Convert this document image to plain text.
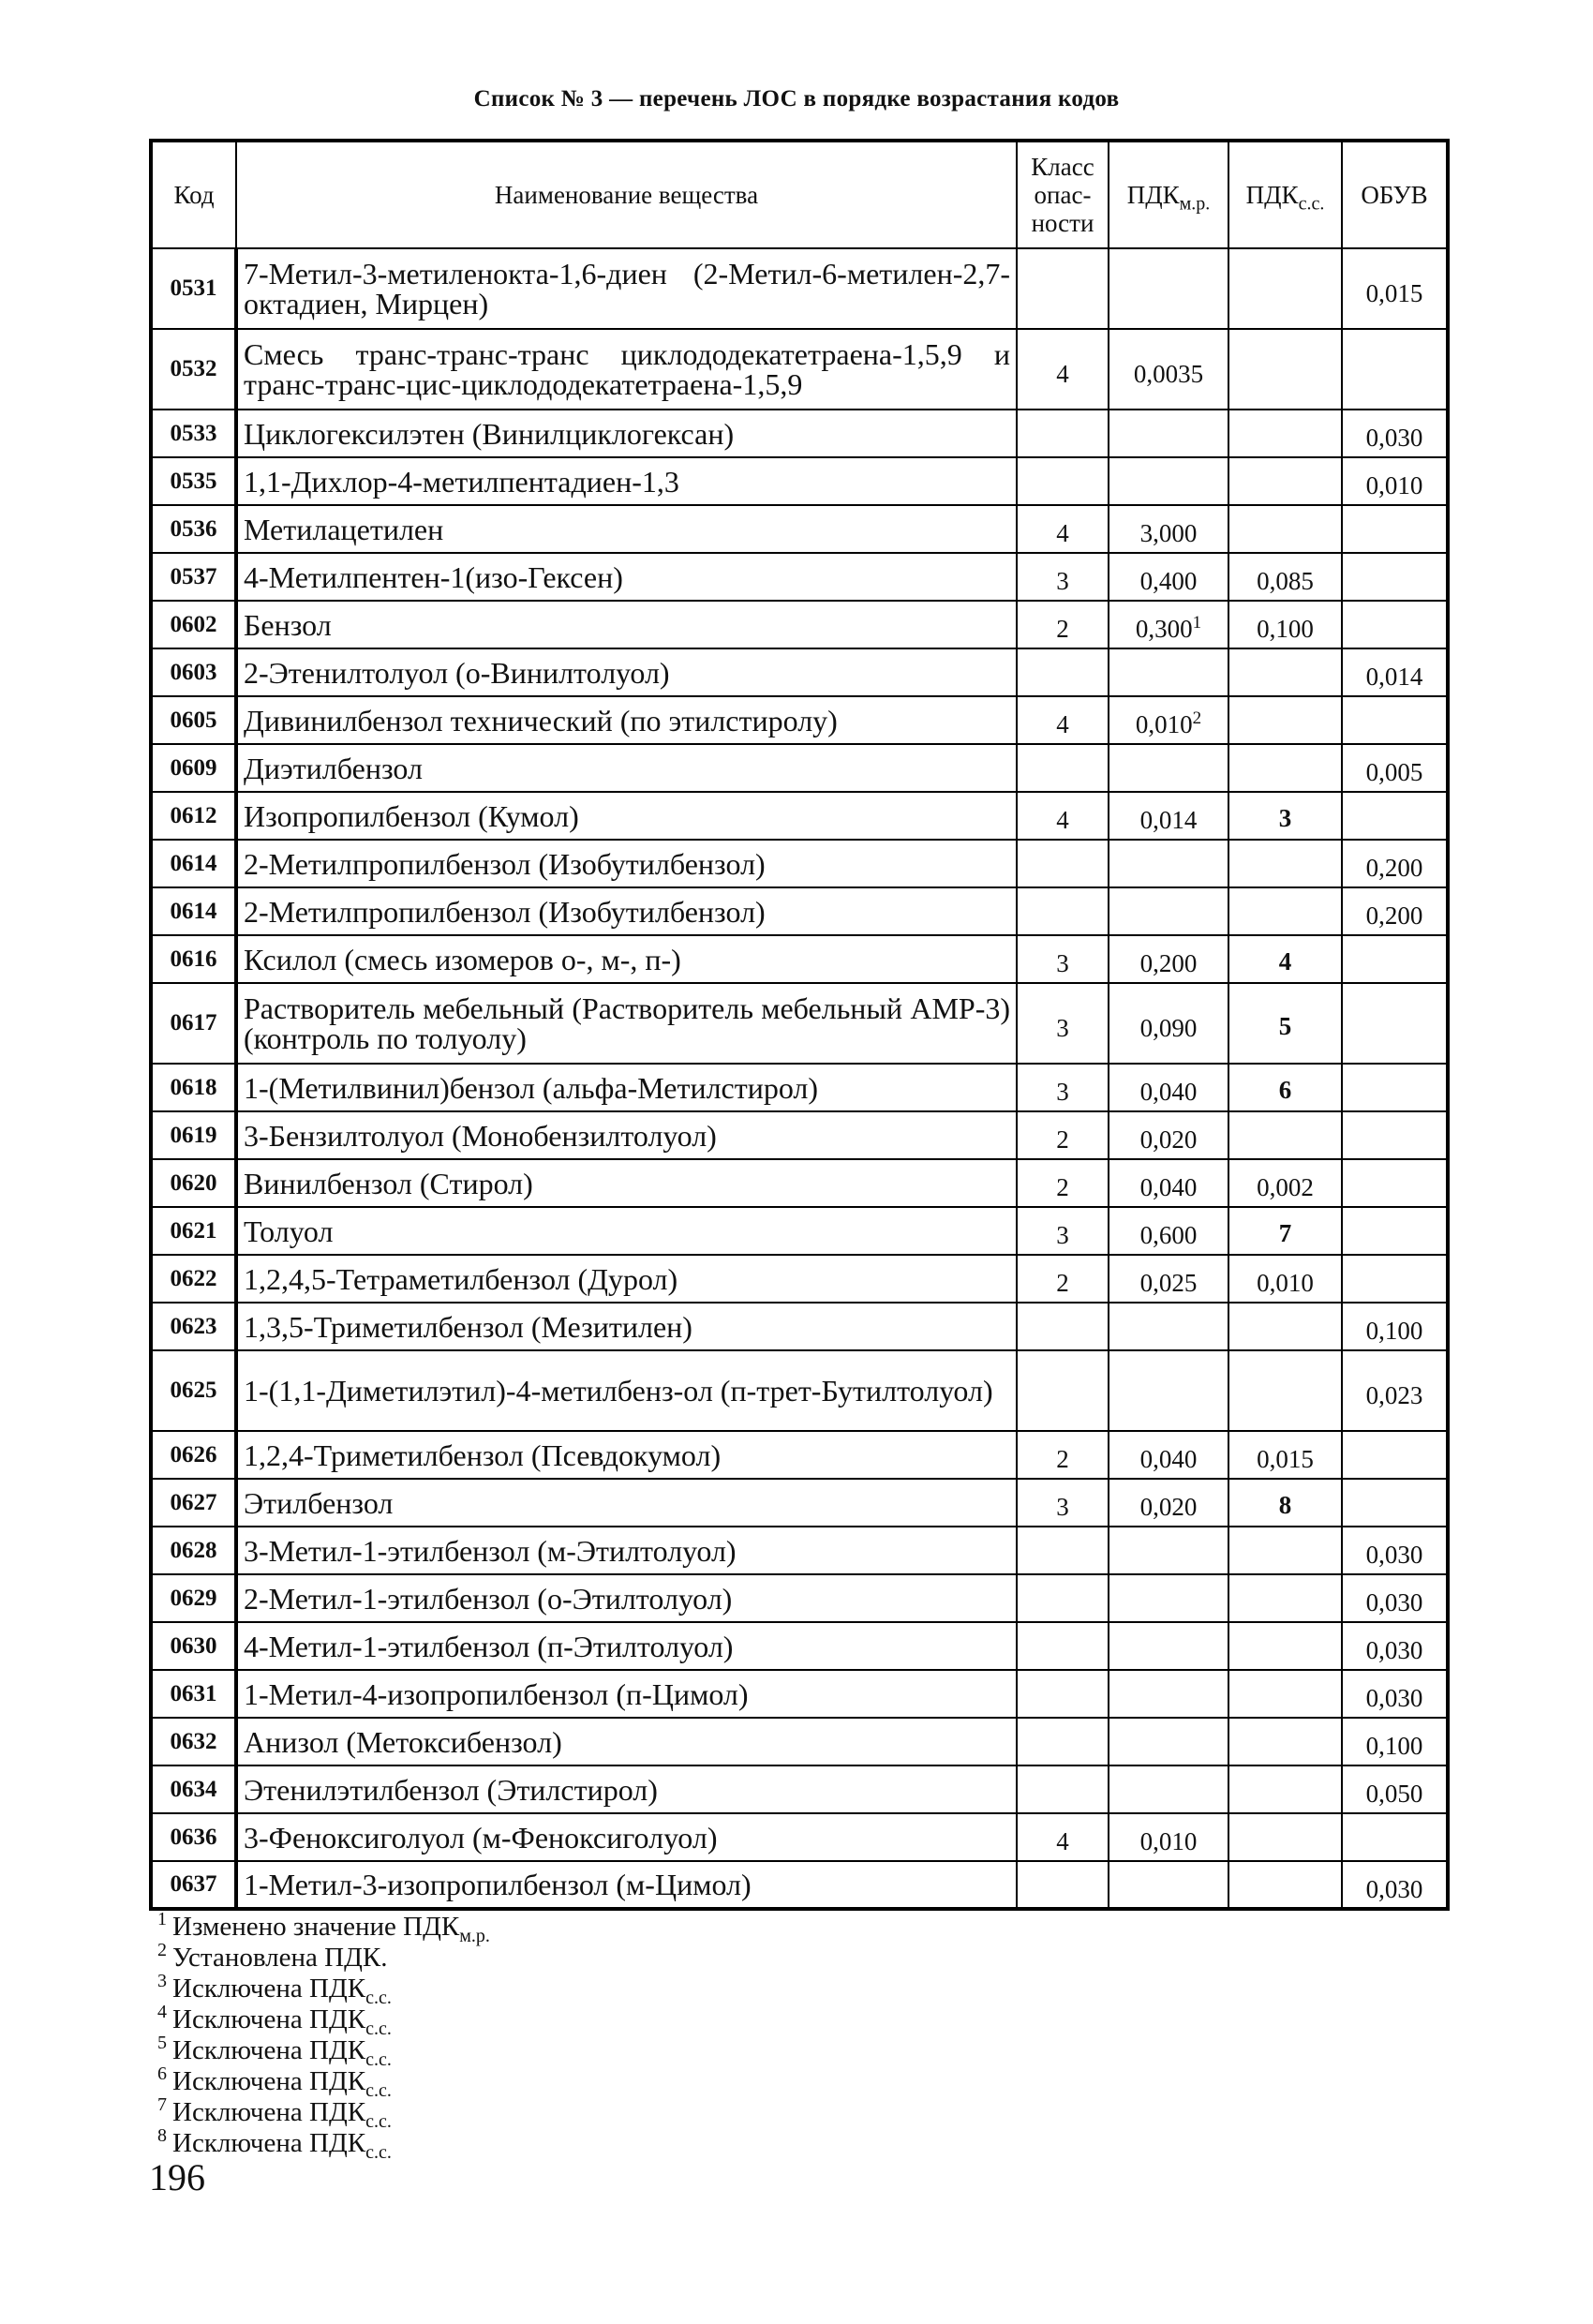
Список № 3 — перечень ЛОС в порядке возрастания кодов
Код	Наименование вещества	Класс опас-ности	$ПДК_{м.р.}$	$ПДК_{с.с.}$	ОБУВ
0531	7-Метил-3-метиленокта-1,6-диен (2-Метил-6-метилен-2,7-октадиен, Мирцен)				0,015
0532	Смесь транс-транс-транс циклододекатетраена-1,5,9 и транс-транс-цис-циклододекатетраена-1,5,9	4	0,0035		
0533	Циклогексилэтен (Винилциклогексан)				0,030
0535	1,1-Дихлор-4-метилпентадиен-1,3				0,010
0536	Метилацетилен	4	3,000		
0537	4-Метилпентен-1(изо-Гексен)	3	0,400	0,085	
0602	Бензол	2	0,300$^1$	0,100	
0603	2-Этенилтолуол (о-Винилтолуол)				0,014
0605	Дивинилбензол технический (по этилстиролу)	4	0,010$^2$		
0609	Диэтилбензол				0,005
0612	Изопропилбензол (Кумол)	4	0,014	3	
0614	2-Метилпропилбензол (Изобутилбензол)				0,200
0614	2-Метилпропилбензол (Изобутилбензол)				0,200
0616	Ксилол (смесь изомеров о-, м-, п-)	3	0,200	4	
0617	Растворитель мебельный (Растворитель мебельный АМР-3) (контроль по толуолу)	3	0,090	5	
0618	1-(Метилвинил)бензол (альфа-Метилстирол)	3	0,040	6	
0619	3-Бензилтолуол (Монобензилтолуол)	2	0,020		
0620	Винилбензол (Стирол)	2	0,040	0,002	
0621	Толуол	3	0,600	7	
0622	1,2,4,5-Тетраметилбензол (Дурол)	2	0,025	0,010	
0623	1,3,5-Триметилбензол (Мезитилен)				0,100
0625	1-(1,1-Диметилэтил)-4-метилбенз-ол (п-трет-Бутилтолуол)				0,023
0626	1,2,4-Триметилбензол (Псевдокумол)	2	0,040	0,015	
0627	Этилбензол	3	0,020	8	
0628	3-Метил-1-этилбензол (м-Этилтолуол)				0,030
0629	2-Метил-1-этилбензол (о-Этилтолуол)				0,030
0630	4-Метил-1-этилбензол (п-Этилтолуол)				0,030
0631	1-Метил-4-изопропилбензол (п-Цимол)				0,030
0632	Анизол (Метоксибензол)				0,100
0634	Этенилэтилбензол (Этилстирол)				0,050
0636	3-Феноксиголуол (м-Феноксиголуол)	4	0,010		
0637	1-Метил-3-изопропилбензол (м-Цимол)				0,030
$^1$ Изменено значение $ПДК_{м.р.}$
$^2$ Установлена ПДК.
$^3$ Исключена $ПДК_{с.с.}$
$^4$ Исключена $ПДК_{с.с.}$
$^5$ Исключена $ПДК_{с.с.}$
$^6$ Исключена $ПДК_{с.с.}$
$^7$ Исключена $ПДК_{с.с.}$
$^8$ Исключена $ПДК_{с.с.}$
196
